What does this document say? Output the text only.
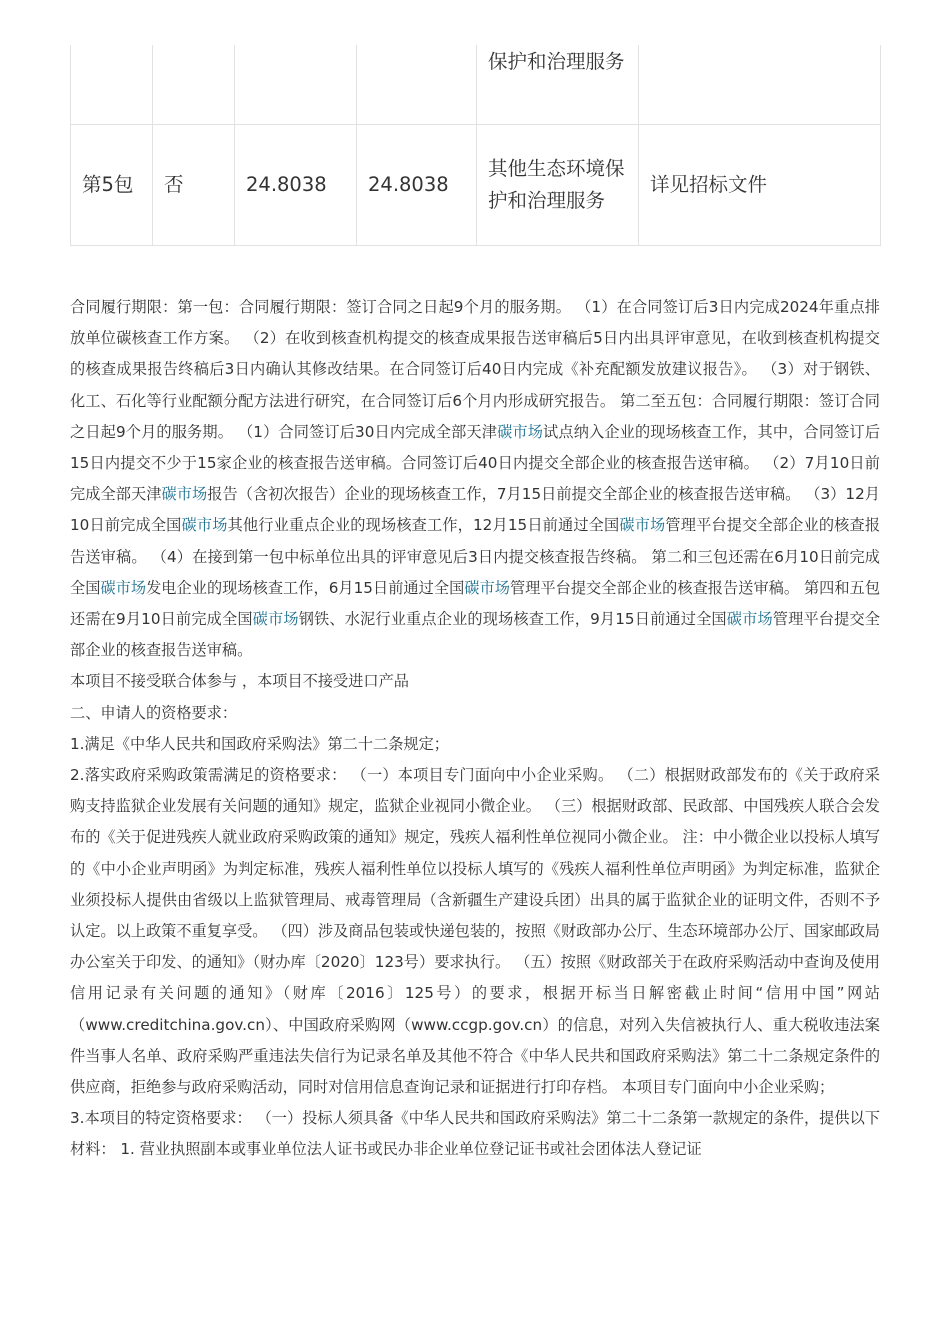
				保护和治理服务	
第5包	否	24.8038	24.8038	其他生态环境保护和治理服务	详见招标文件

合同履行期限：第一包：合同履行期限：签订合同之日起9个月的服务期。 （1）在合同签订后3日内完成2024年重点排放单位碳核查工作方案。 （2）在收到核查机构提交的核查成果报告送审稿后5日内出具评审意见，在收到核查机构提交的核查成果报告终稿后3日内确认其修改结果。在合同签订后40日内完成《补充配额发放建议报告》。 （3）对于钢铁、化工、石化等行业配额分配方法进行研究，在合同签订后6个月内形成研究报告。 第二至五包：合同履行期限：签订合同之日起9个月的服务期。 （1）合同签订后30日内完成全部天津碳市场试点纳入企业的现场核查工作，其中，合同签订后15日内提交不少于15家企业的核查报告送审稿。合同签订后40日内提交全部企业的核查报告送审稿。 （2）7月10日前完成全部天津碳市场报告（含初次报告）企业的现场核查工作，7月15日前提交全部企业的核查报告送审稿。 （3）12月10日前完成全国碳市场其他行业重点企业的现场核查工作，12月15日前通过全国碳市场管理平台提交全部企业的核查报告送审稿。 （4）在接到第一包中标单位出具的评审意见后3日内提交核查报告终稿。 第二和三包还需在6月10日前完成全国碳市场发电企业的现场核查工作，6月15日前通过全国碳市场管理平台提交全部企业的核查报告送审稿。 第四和五包还需在9月10日前完成全国碳市场钢铁、水泥行业重点企业的现场核查工作，9月15日前通过全国碳市场管理平台提交全部企业的核查报告送审稿。

本项目不接受联合体参与 ，本项目不接受进口产品

二、申请人的资格要求：

1.满足《中华人民共和国政府采购法》第二十二条规定；

2.落实政府采购政策需满足的资格要求： （一）本项目专门面向中小企业采购。 （二）根据财政部发布的《关于政府采购支持监狱企业发展有关问题的通知》规定，监狱企业视同小微企业。 （三）根据财政部、民政部、中国残疾人联合会发布的《关于促进残疾人就业政府采购政策的通知》规定，残疾人福利性单位视同小微企业。 注：中小微企业以投标人填写的《中小企业声明函》为判定标准，残疾人福利性单位以投标人填写的《残疾人福利性单位声明函》为判定标准，监狱企业须投标人提供由省级以上监狱管理局、戒毒管理局（含新疆生产建设兵团）出具的属于监狱企业的证明文件，否则不予认定。以上政策不重复享受。 （四）涉及商品包装或快递包装的，按照《财政部办公厅、生态环境部办公厅、国家邮政局办公室关于印发、的通知》（财办库〔2020〕123号）要求执行。 （五）按照《财政部关于在政府采购活动中查询及使用信用记录有关问题的通知》（财库〔2016〕125号）的要求，根据开标当日解密截止时间“信用中国”网站（www.creditchina.gov.cn）、中国政府采购网（www.ccgp.gov.cn）的信息，对列入失信被执行人、重大税收违法案件当事人名单、政府采购严重违法失信行为记录名单及其他不符合《中华人民共和国政府采购法》第二十二条规定条件的供应商，拒绝参与政府采购活动，同时对信用信息查询记录和证据进行打印存档。 本项目专门面向中小企业采购；

3.本项目的特定资格要求： （一）投标人须具备《中华人民共和国政府采购法》第二十二条第一款规定的条件，提供以下材料： 1. 营业执照副本或事业单位法人证书或民办非企业单位登记证书或社会团体法人登记证
